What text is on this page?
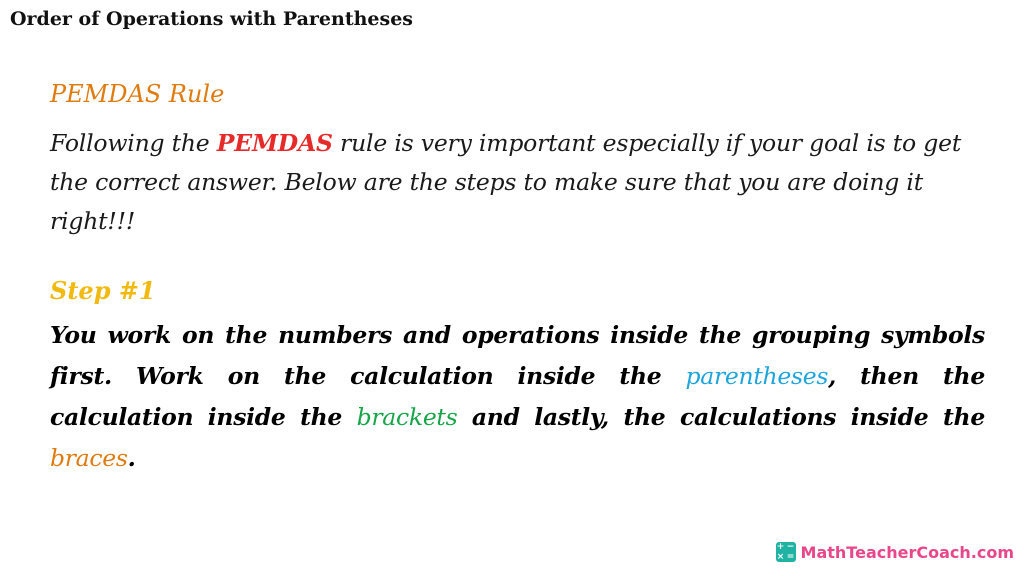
Order of Operations with Parentheses
PEMDAS Rule

Following the PEMDAS rule is very important especially if your goal is to get the correct answer. Below are the steps to make sure that you are doing it right!!!

Step #1

You work on the numbers and operations inside the grouping symbols first. Work on the calculation inside the parentheses, then the calculation inside the brackets and lastly, the calculations inside the braces.

+ −
× = MathTeacherCoach.com
